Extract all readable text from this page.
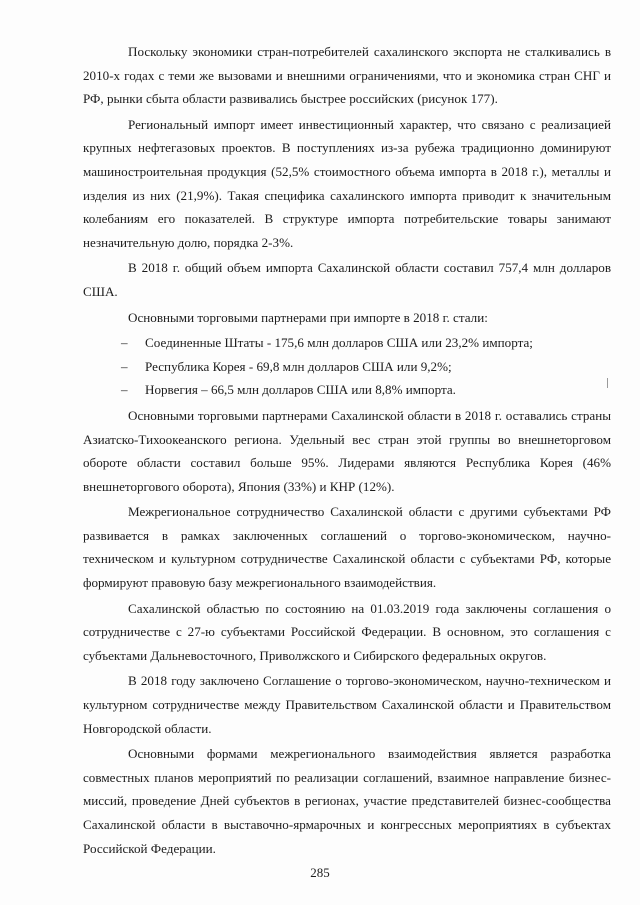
Поскольку экономики стран-потребителей сахалинского экспорта не сталкивались в 2010-х годах с теми же вызовами и внешними ограничениями, что и экономика стран СНГ и РФ, рынки сбыта области развивались быстрее российских (рисунок 177).

Региональный импорт имеет инвестиционный характер, что связано с реализацией крупных нефтегазовых проектов. В поступлениях из-за рубежа традиционно доминируют машиностроительная продукция (52,5% стоимостного объема импорта в 2018 г.), металлы и изделия из них (21,9%). Такая специфика сахалинского импорта приводит к значительным колебаниям его показателей. В структуре импорта потребительские товары занимают незначительную долю, порядка 2-3%.

В 2018 г. общий объем импорта Сахалинской области составил 757,4 млн долларов США.

Основными торговыми партнерами при импорте в 2018 г. стали:

– Соединенные Штаты - 175,6 млн долларов США или 23,2% импорта;
– Республика Корея - 69,8 млн долларов США или 9,2%;
– Норвегия – 66,5 млн долларов США или 8,8% импорта.

Основными торговыми партнерами Сахалинской области в 2018 г. оставались страны Азиатско-Тихоокеанского региона. Удельный вес стран этой группы во внешнеторговом обороте области составил больше 95%. Лидерами являются Республика Корея (46% внешнеторгового оборота), Япония (33%) и КНР (12%).

Межрегиональное сотрудничество Сахалинской области с другими субъектами РФ развивается в рамках заключенных соглашений о торгово-экономическом, научно-техническом и культурном сотрудничестве Сахалинской области с субъектами РФ, которые формируют правовую базу межрегионального взаимодействия.

Сахалинской областью по состоянию на 01.03.2019 года заключены соглашения о сотрудничестве с 27-ю субъектами Российской Федерации. В основном, это соглашения с субъектами Дальневосточного, Приволжского и Сибирского федеральных округов.

В 2018 году заключено Соглашение о торгово-экономическом, научно-техническом и культурном сотрудничестве между Правительством Сахалинской области и Правительством Новгородской области.

Основными формами межрегионального взаимодействия является разработка совместных планов мероприятий по реализации соглашений, взаимное направление бизнес-миссий, проведение Дней субъектов в регионах, участие представителей бизнес-сообщества Сахалинской области в выставочно-ярмарочных и конгрессных мероприятиях в субъектах Российской Федерации.

285
